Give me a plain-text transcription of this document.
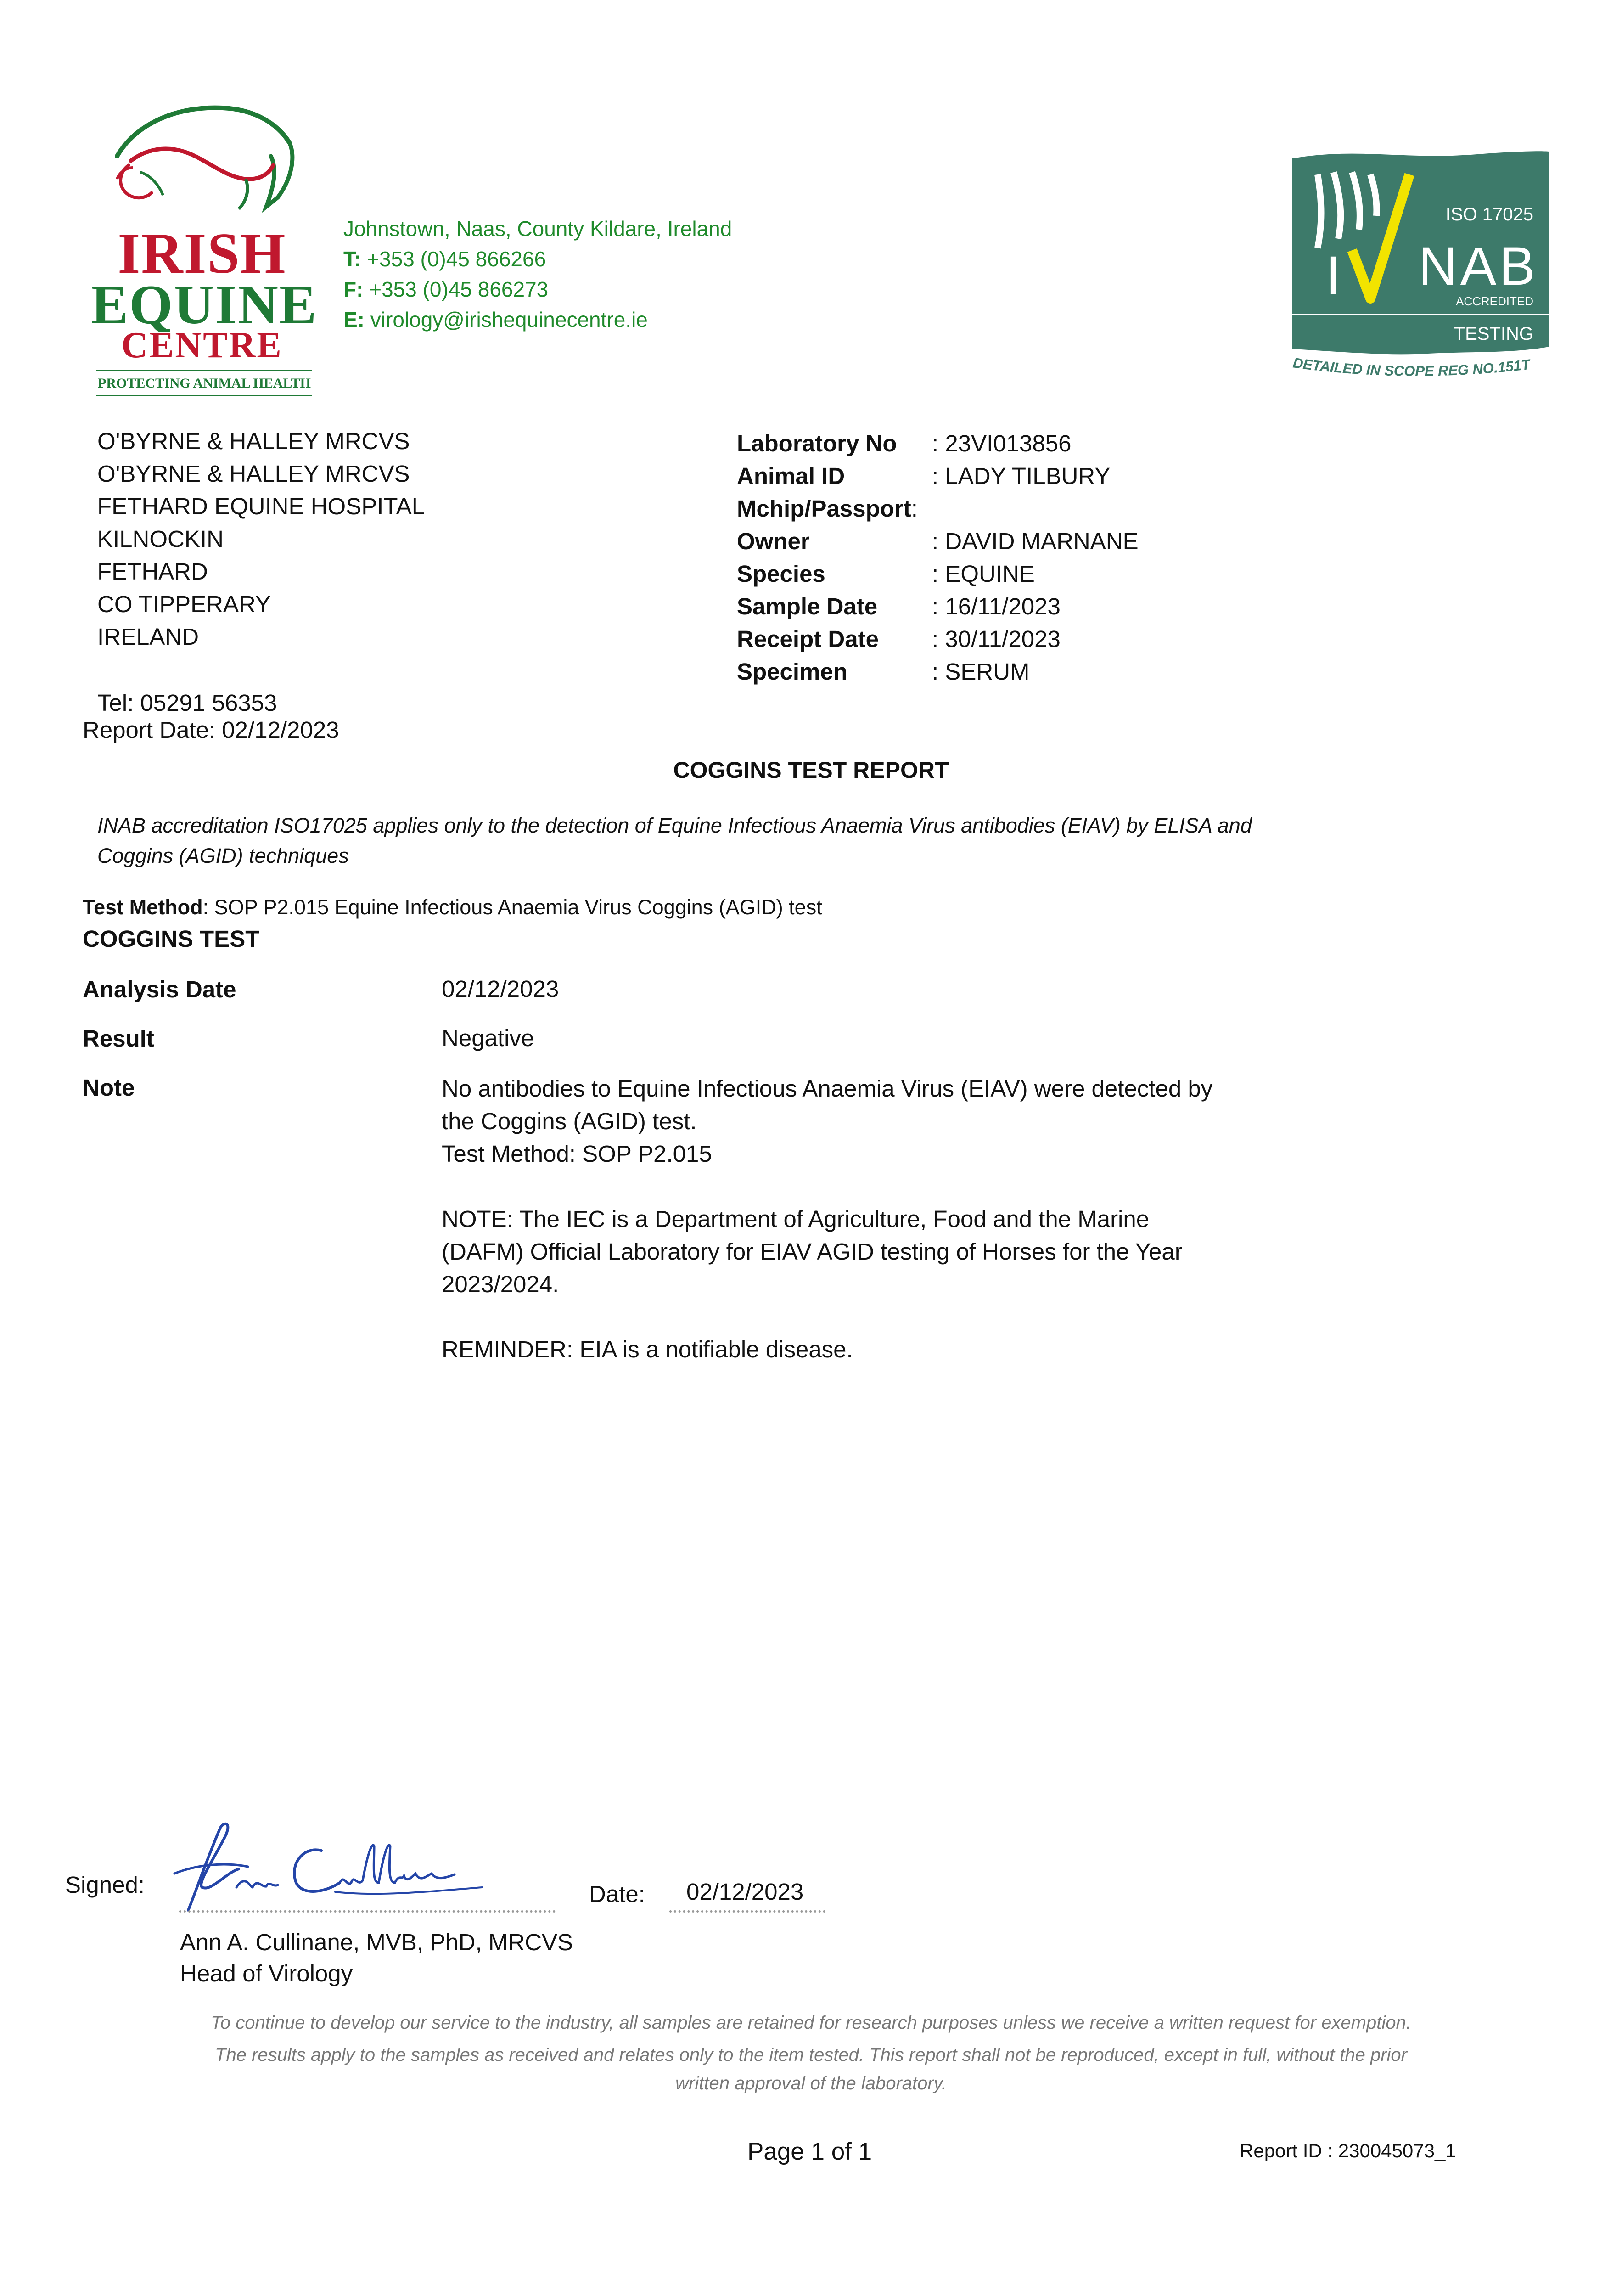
IRISH
EQUINE
CENTRE
PROTECTING ANIMAL HEALTH
Johnstown, Naas, County Kildare, Ireland
T: +353 (0)45 866266
F: +353 (0)45 866273
E: virology@irishequinecentre.ie
I
ISO 17025
NAB
ACCREDITED
TESTING
DETAILED IN SCOPE REG NO.151T
O'BYRNE & HALLEY MRCVS
O'BYRNE & HALLEY MRCVS
FETHARD EQUINE HOSPITAL
KILNOCKIN
FETHARD
CO TIPPERARY
IRELAND
Tel: 05291 56353
Laboratory No : 23VI013856
Animal ID	: LADY TILBURY
Mchip/Passport:
Owner	: DAVID MARNANE
Species	: EQUINE
Sample Date : 16/11/2023
Receipt Date : 30/11/2023
Specimen	: SERUM
Report Date: 02/12/2023
COGGINS TEST REPORT
INAB accreditation ISO17025 applies only to the detection of Equine Infectious Anaemia Virus antibodies (EIAV) by ELISA and
Coggins (AGID) techniques
Test Method: SOP P2.015 Equine Infectious Anaemia Virus Coggins (AGID) test
COGGINS TEST
Analysis Date	02/12/2023
Result	Negative
Note	No antibodies to Equine Infectious Anaemia Virus (EIAV) were detected by
the Coggins (AGID) test.
Test Method: SOP P2.015
NOTE: The IEC is a Department of Agriculture, Food and the Marine
(DAFM) Official Laboratory for EIAV AGID testing of Horses for the Year
2023/2024.
REMINDER: EIA is a notifiable disease.
Signed:	Date: 02/12/2023
Ann A. Cullinane, MVB, PhD, MRCVS
Head of Virology
To continue to develop our service to the industry, all samples are retained for research purposes unless we receive a written request for exemption.
The results apply to the samples as received and relates only to the item tested. This report shall not be reproduced, except in full, without the prior
written approval of the laboratory.
Page 1 of 1	Report ID : 230045073_1
